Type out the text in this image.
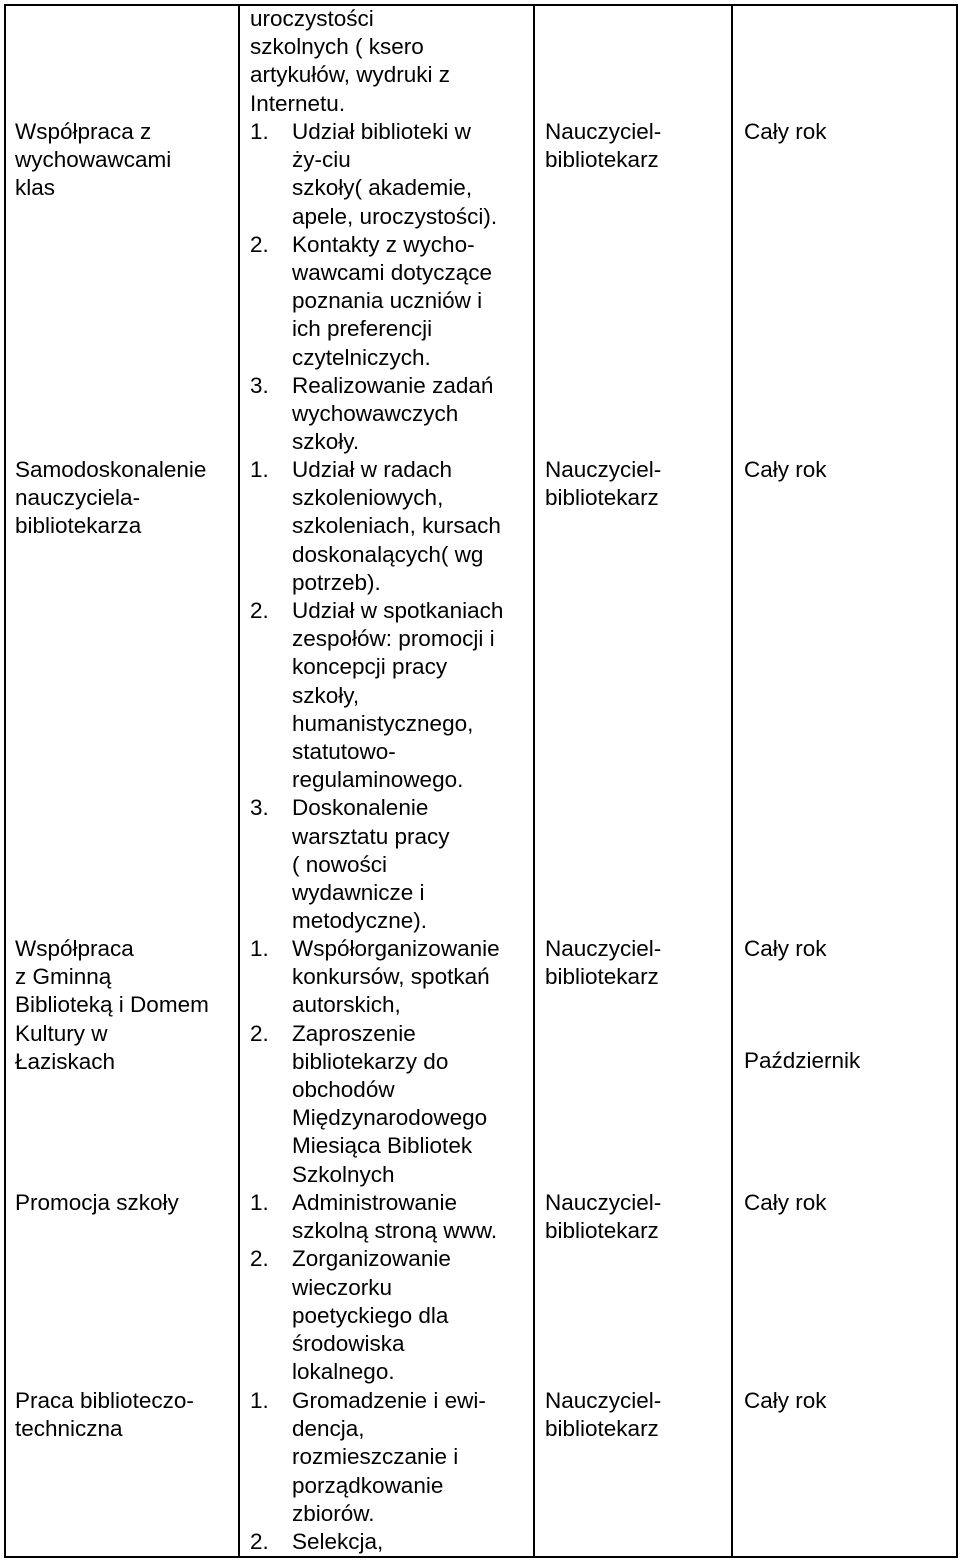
uroczystości
szkolnych ( ksero
artykułów, wydruki z
Internetu.
Współpraca z
wychowawcami
klas
1. Udział biblioteki w
ży-ciu
szkoły( akademie,
apele, uroczystości).
2. Kontakty z wycho-
wawcami dotyczące
poznania uczniów i
ich preferencji
czytelniczych.
3. Realizowanie zadań
wychowawczych
szkoły.
Nauczyciel-
bibliotekarz
Cały rok
Samodoskonalenie
nauczyciela-
bibliotekarza
1. Udział w radach
szkoleniowych,
szkoleniach, kursach
doskonalących( wg
potrzeb).
2. Udział w spotkaniach
zespołów: promocji i
koncepcji pracy
szkoły,
humanistycznego,
statutowo-
regulaminowego.
3. Doskonalenie
warsztatu pracy
( nowości
wydawnicze i
metodyczne).
Nauczyciel-
bibliotekarz
Cały rok
Współpraca
z Gminną
Biblioteką i Domem
Kultury w
Łaziskach
1. Współorganizowanie
konkursów, spotkań
autorskich,
2. Zaproszenie
bibliotekarzy do
obchodów
Międzynarodowego
Miesiąca Bibliotek
Szkolnych
Nauczyciel-
bibliotekarz
Cały rok
Październik
Promocja szkoły	1. Administrowanie
szkolną stroną www.
2. Zorganizowanie
wieczorku
poetyckiego dla
środowiska
lokalnego.
Nauczyciel-
bibliotekarz
Cały rok
Praca biblioteczo-
techniczna
1. Gromadzenie i ewi-
dencja,
rozmieszczanie i
porządkowanie
zbiorów.
2. Selekcja,
Nauczyciel-
bibliotekarz
Cały rok
